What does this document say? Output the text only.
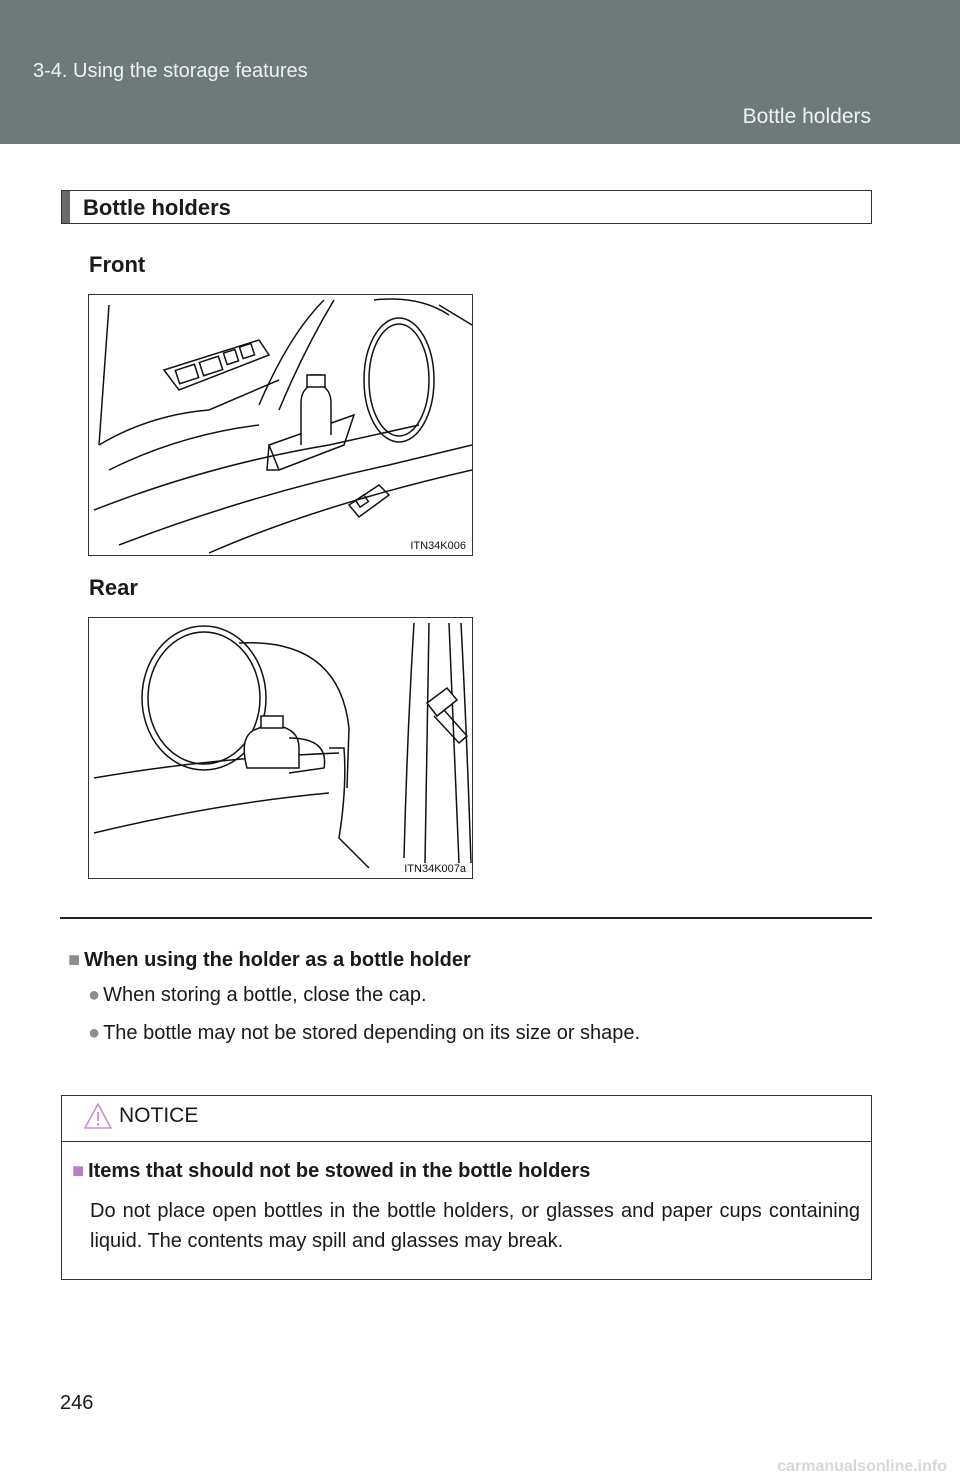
3-4. Using the storage features
Bottle holders
Bottle holders
Front
ITN34K006
Rear
ITN34K007a
■ When using the holder as a bottle holder
● When storing a bottle, close the cap.
● The bottle may not be stored depending on its size or shape.
NOTICE
■ Items that should not be stowed in the bottle holders
Do not place open bottles in the bottle holders, or glasses and paper cups containing liquid. The contents may spill and glasses may break.
246
carmanualsonline.info
